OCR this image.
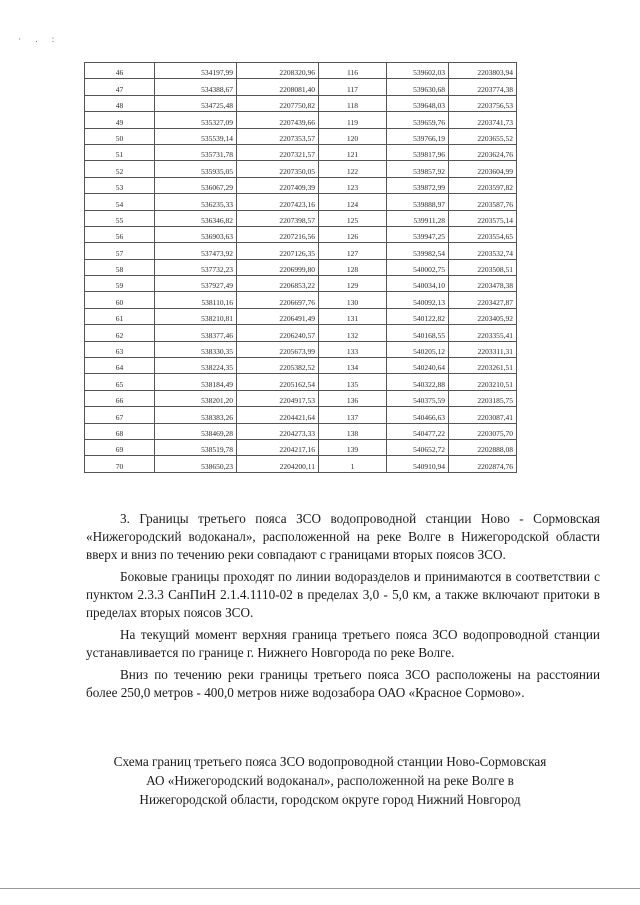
· . :
46	534197,99	2208320,96	116	539602,03	2203803,94
47	534388,67	2208081,40	117	539630,68	2203774,38
48	534725,48	2207750,82	118	539648,03	2203756,53
49	535327,09	2207439,66	119	539659,76	2203741,73
50	535539,14	2207353,57	120	539766,19	2203655,52
51	535731,78	2207321,57	121	539817,96	2203624,76
52	535935,05	2207350,05	122	539857,92	2203604,99
53	536067,29	2207409,39	123	539872,99	2203597,82
54	536235,33	2207423,16	124	539888,97	2203587,76
55	536346,82	2207398,57	125	539911,28	2203575,14
56	536903,63	2207216,56	126	539947,25	2203554,65
57	537473,92	2207126,35	127	539982,54	2203532,74
58	537732,23	2206999,80	128	540002,75	2203508,51
59	537927,49	2206853,22	129	540034,10	2203478,38
60	538110,16	2206697,76	130	540092,13	2203427,87
61	538210,81	2206491,49	131	540122,82	2203405,92
62	538377,46	2206240,57	132	540168,55	2203355,41
63	538330,35	2205673,99	133	540205,12	2203311,31
64	538224,35	2205382,52	134	540240,64	2203261,51
65	538184,49	2205162,54	135	540322,88	2203210,51
66	538201,20	2204917,53	136	540375,59	2203185,75
67	538383,26	2204421,64	137	540466,63	2203087,41
68	538469,28	2204273,33	138	540477,22	2203075,70
69	538519,78	2204217,16	139	540652,72	2202888,08
70	538650,23	2204200,11	1	540910,94	2202874,76

3. Границы третьего пояса ЗСО водопроводной станции Ново - Сормовская «Нижегородский водоканал», расположенной на реке Волге в Нижегородской области вверх и вниз по течению реки совпадают с границами вторых поясов ЗСО.

Боковые границы проходят по линии водоразделов и принимаются в соответствии с пунктом 2.3.3 СанПиН 2.1.4.1110-02 в пределах 3,0 - 5,0 км, а также включают притоки в пределах вторых поясов ЗСО.

На текущий момент верхняя граница третьего пояса ЗСО водопроводной станции устанавливается по границе г. Нижнего Новгорода по реке Волге.

Вниз по течению реки границы третьего пояса ЗСО расположены на расстоянии более 250,0 метров - 400,0 метров ниже водозабора ОАО «Красное Сормово».

Схема границ третьего пояса ЗСО водопроводной станции Ново-Сормовская
АО «Нижегородский водоканал», расположенной на реке Волге в
Нижегородской области, городском округе город Нижний Новгород
